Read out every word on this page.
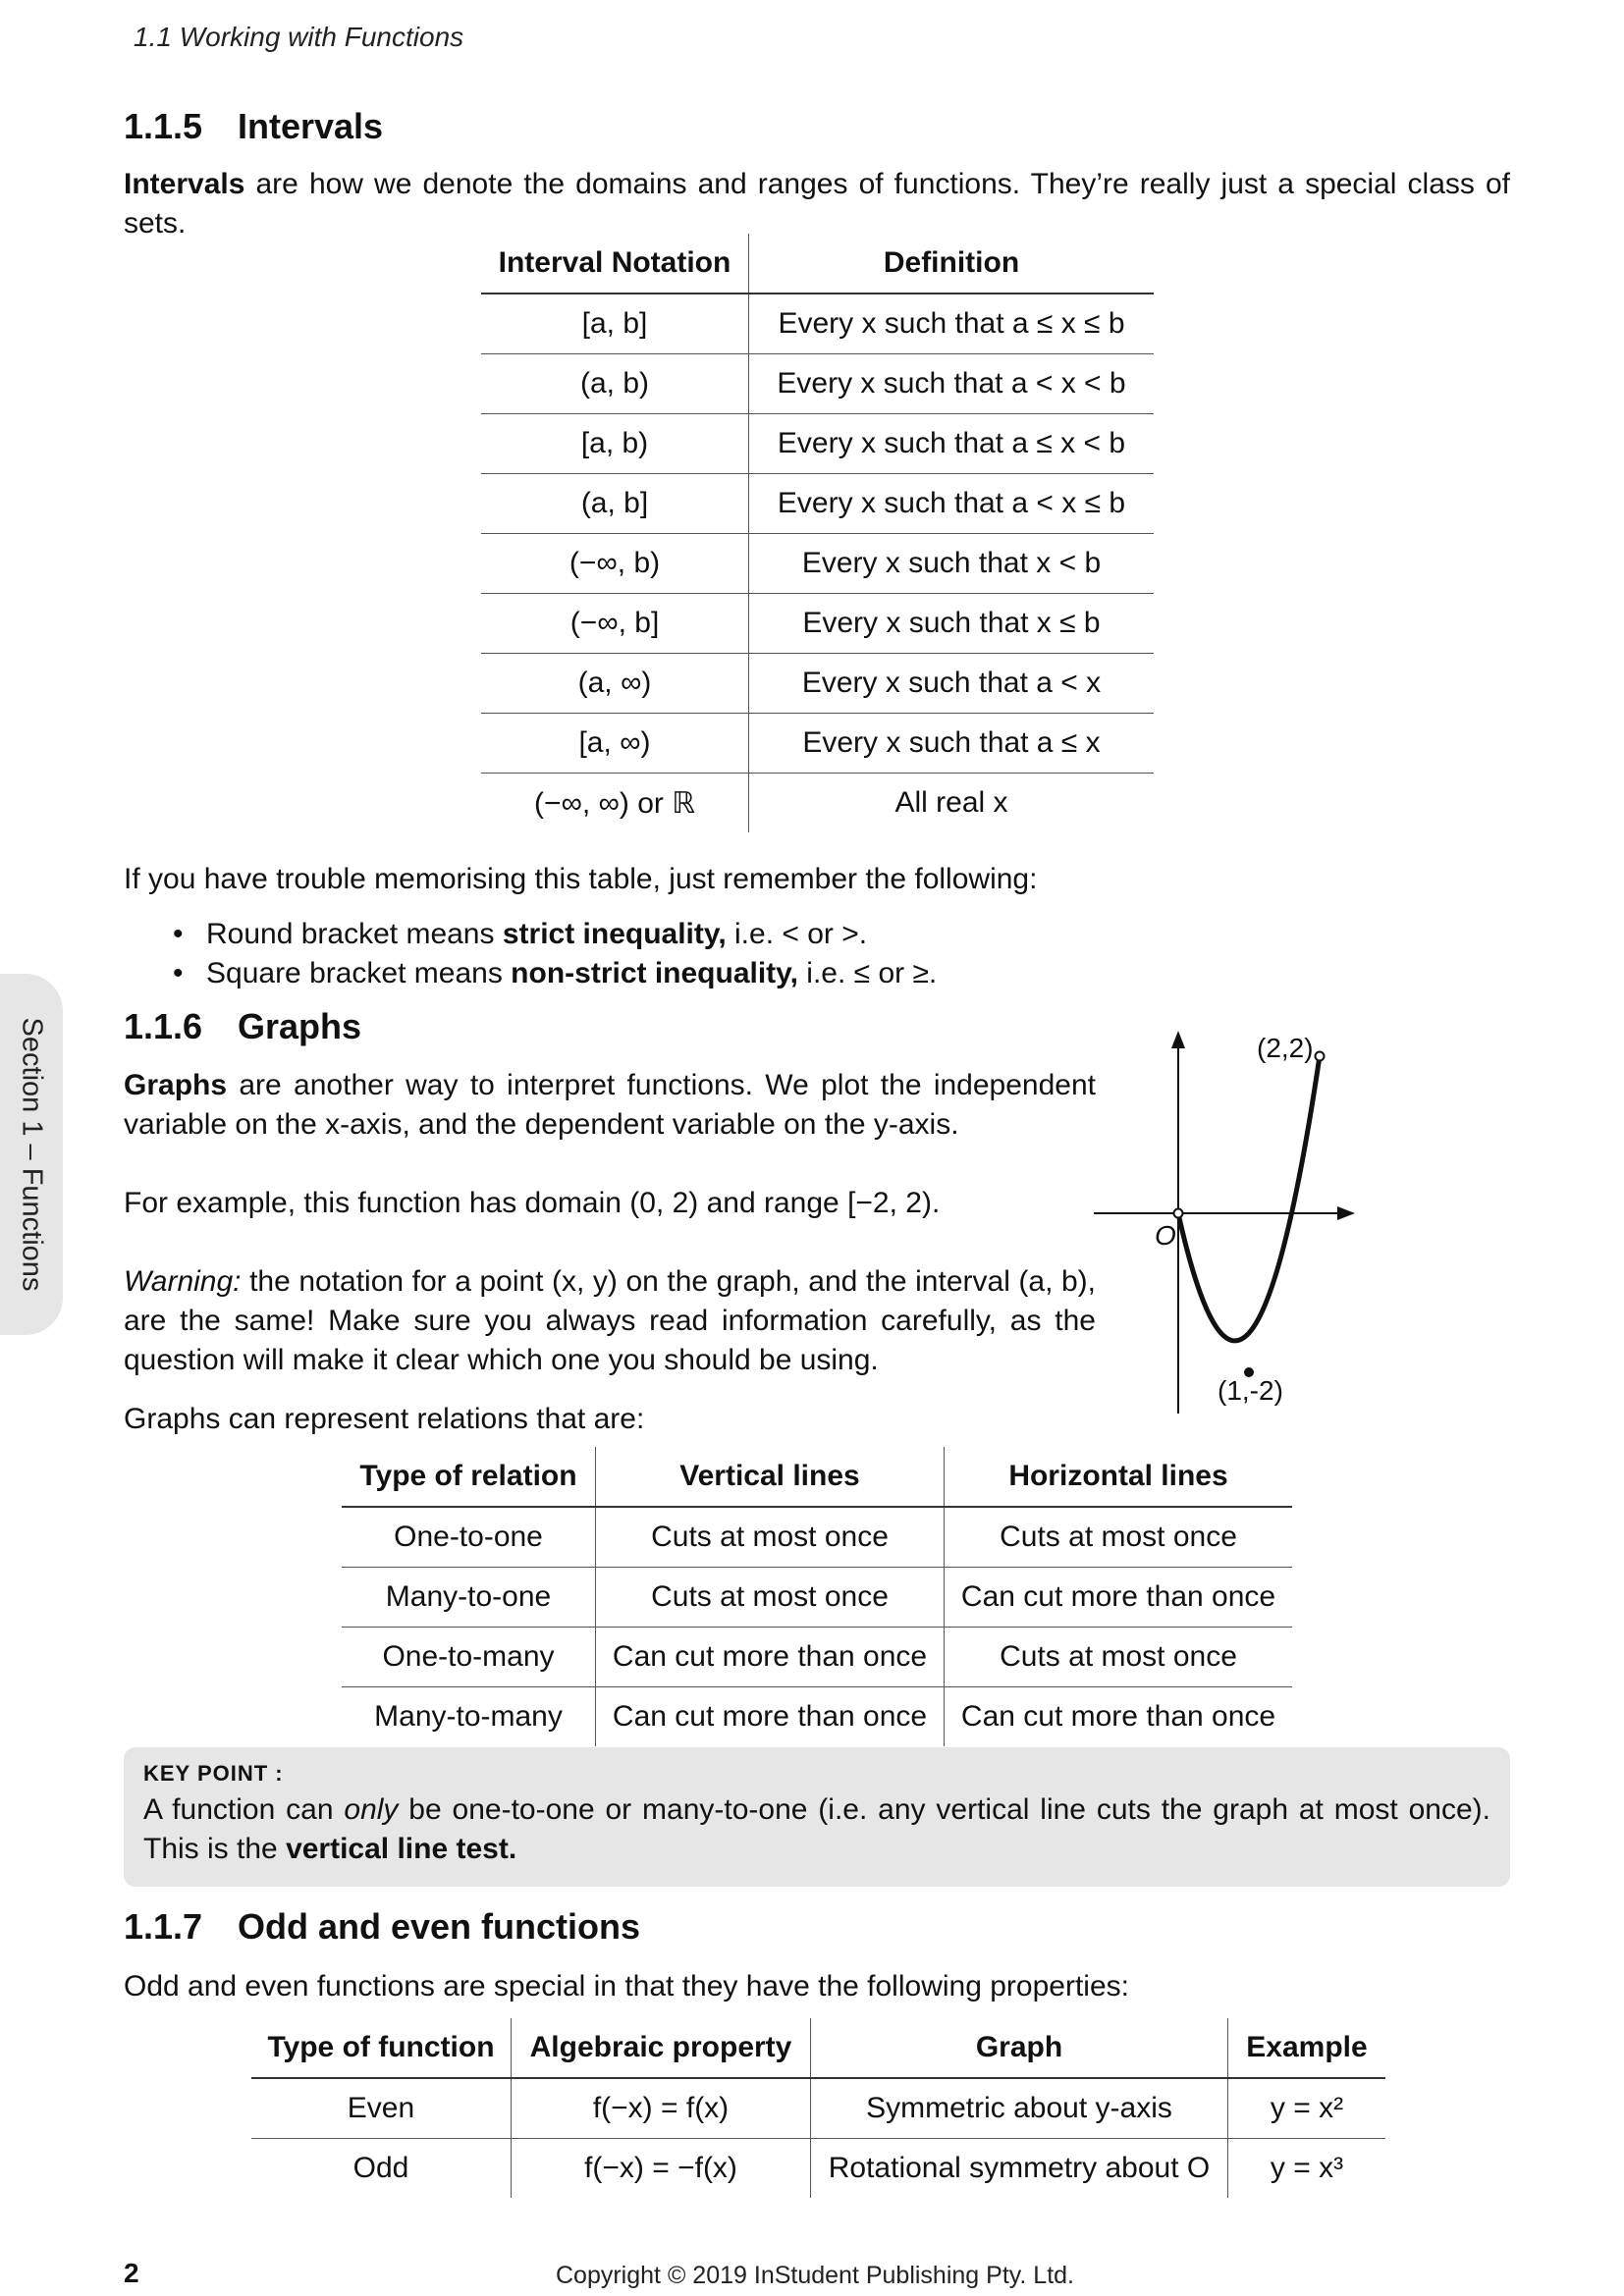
1.1 Working with Functions
Section 1 – Functions
1.1.5 Intervals

Intervals are how we denote the domains and ranges of functions. They’re really just a special class of sets.

Interval Notation	Definition
[a, b]	Every x such that a ≤ x ≤ b
(a, b)	Every x such that a < x < b
[a, b)	Every x such that a ≤ x < b
(a, b]	Every x such that a < x ≤ b
(−∞, b)	Every x such that x < b
(−∞, b]	Every x such that x ≤ b
(a, ∞)	Every x such that a < x
[a, ∞)	Every x such that a ≤ x
(−∞, ∞) or ℝ	All real x

If you have trouble memorising this table, just remember the following:

• Round bracket means strict inequality, i.e. < or >.
• Square bracket means non-strict inequality, i.e. ≤ or ≥.
1.1.6 Graphs

Graphs are another way to interpret functions. We plot the independent variable on the x-axis, and the dependent variable on the y-axis.

For example, this function has domain (0, 2) and range [−2, 2).

Warning: the notation for a point (x, y) on the graph, and the interval (a, b), are the same! Make sure you always read information carefully, as the question will make it clear which one you should be using.

Graphs can represent relations that are:

O
(2,2)
(1,-2)
Type of relation	Vertical lines	Horizontal lines
One-to-one	Cuts at most once	Cuts at most once
Many-to-one	Cuts at most once	Can cut more than once
One-to-many	Can cut more than once	Cuts at most once
Many-to-many	Can cut more than once	Can cut more than once
KEY POINT :
A function can only be one-to-one or many-to-one (i.e. any vertical line cuts the graph at most once). This is the vertical line test.
1.1.7 Odd and even functions

Odd and even functions are special in that they have the following properties:

Type of function	Algebraic property	Graph	Example
Even	f(−x) = f(x)	Symmetric about y-axis	y = x²
Odd	f(−x) = −f(x)	Rotational symmetry about O	y = x³
2	Copyright © 2019 InStudent Publishing Pty. Ltd.
